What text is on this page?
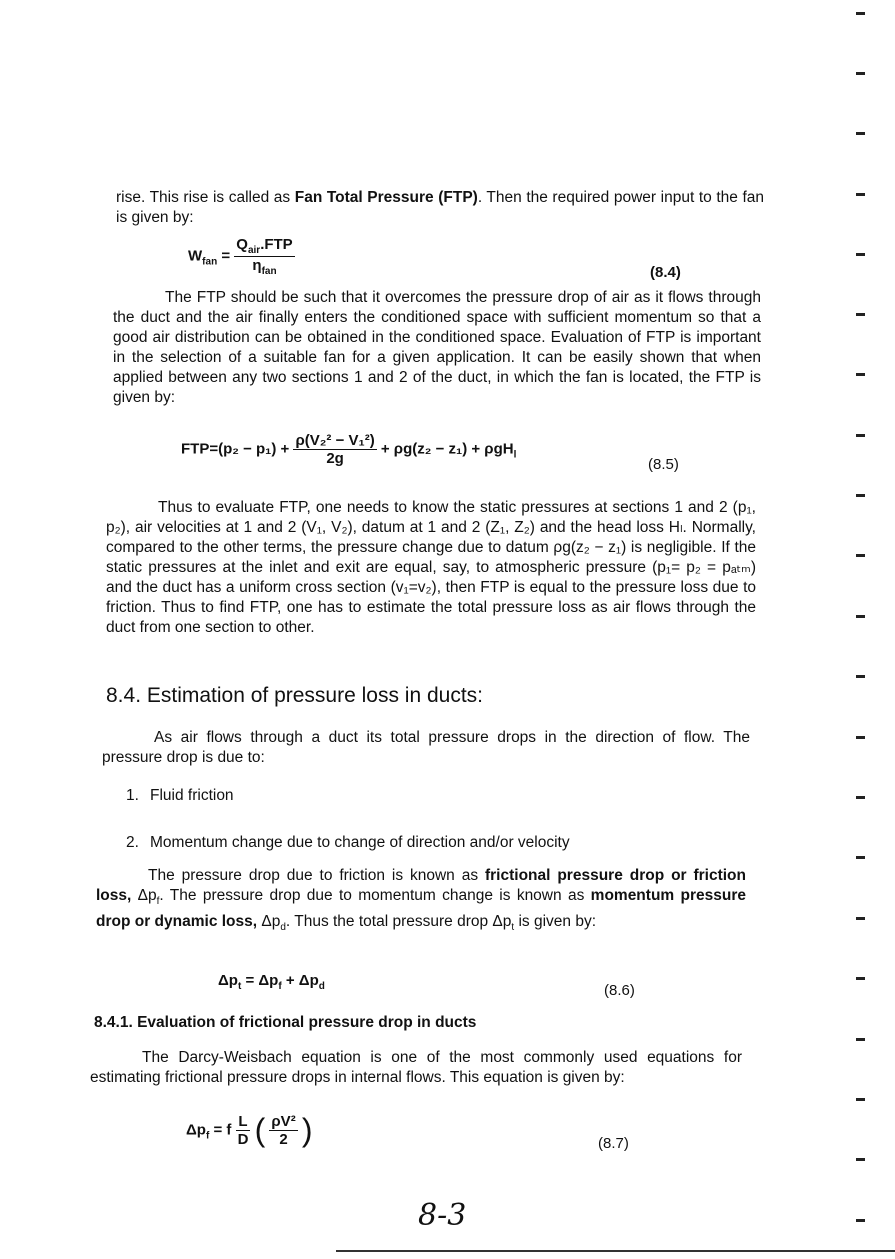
rise. This rise is called as Fan Total Pressure (FTP). Then the required power input to the fan is given by:
$W_{fan} = \frac{Q_{air}.FTP}{\eta_{fan}}$	(8.4)
The FTP should be such that it overcomes the pressure drop of air as it flows through the duct and the air finally enters the conditioned space with sufficient momentum so that a good air distribution can be obtained in the conditioned space. Evaluation of FTP is important in the selection of a suitable fan for a given application. It can be easily shown that when applied between any two sections 1 and 2 of the duct, in which the fan is located, the FTP is given by:
$FTP=(p_2 - p_1) + \frac{\text{ρ(V₂² − V₁²)}}{2g} + \rho g(z_2 - z_1) + \rho gH_l$
(8.5)
Thus to evaluate FTP, one needs to know the static pressures at sections 1 and 2 (p₁, p₂), air velocities at 1 and 2 (V₁, V₂), datum at 1 and 2 (Z₁, Z₂) and the head loss Hₗ. Normally, compared to the other terms, the pressure change due to datum ρg(z₂ − z₁) is negligible. If the static pressures at the inlet and exit are equal, say, to atmospheric pressure (p₁= p₂ = pₐₜₘ) and the duct has a uniform cross section (v₁=v₂), then FTP is equal to the pressure loss due to friction. Thus to find FTP, one has to estimate the total pressure loss as air flows through the duct from one section to other.
8.4. Estimation of pressure loss in ducts:
As air flows through a duct its total pressure drops in the direction of flow. The pressure drop is due to:
1. Fluid friction
2. Momentum change due to change of direction and/or velocity
The pressure drop due to friction is known as frictional pressure drop or friction loss, $\Delta p_f$. The pressure drop due to momentum change is known as momentum pressure drop or dynamic loss, $\Delta p_d$. Thus the total pressure drop $\Delta p_t$ is given by:
$\Delta p_t = \Delta p_f + \Delta p_d$	(8.6)
8.4.1. Evaluation of frictional pressure drop in ducts
The Darcy-Weisbach equation is one of the most commonly used equations for estimating frictional pressure drops in internal flows. This equation is given by:
$\Delta p_f = f \frac{L}{D}$ ( $\frac{\text{ρV²}}{2}$ )	(8.7)
8-3
